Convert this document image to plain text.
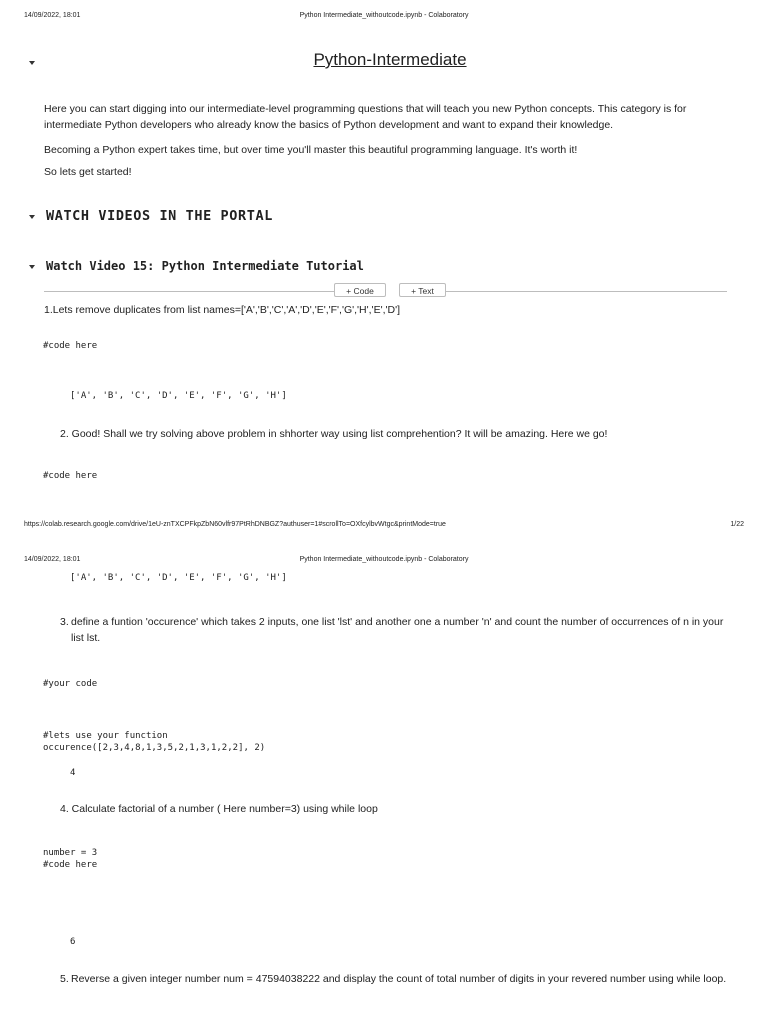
14/09/2022, 18:01	Python Intermediate_withoutcode.ipynb - Colaboratory
Python-Intermediate
Here you can start digging into our intermediate-level programming questions that will teach you new Python concepts. This category is for intermediate Python developers who already know the basics of Python development and want to expand their knowledge.
Becoming a Python expert takes time, but over time you'll master this beautiful programming language. It's worth it!
So lets get started!
WATCH VIDEOS IN THE PORTAL
Watch Video 15: Python Intermediate Tutorial
+ Code	+ Text
1.Lets remove duplicates from list names=['A','B','C','A','D','E','F','G','H','E','D']
#code here
['A', 'B', 'C', 'D', 'E', 'F', 'G', 'H']
2. Good! Shall we try solving above problem in shhorter way using list comprehention? It will be amazing. Here we go!
#code here
https://colab.research.google.com/drive/1eU-znTXCPFkpZbN60vlfr97PtRhDNBGZ?authuser=1#scrollTo=OXfcylbvWtgc&printMode=true	1/22
14/09/2022, 18:01	Python Intermediate_withoutcode.ipynb - Colaboratory
['A', 'B', 'C', 'D', 'E', 'F', 'G', 'H']
3. define a funtion 'occurence' which takes 2 inputs, one list 'lst' and another one a number 'n' and count the number of occurrences of n in your list lst.
#your code
#lets use your function
occurence([2,3,4,8,1,3,5,2,1,3,1,2,2], 2)
4
4. Calculate factorial of a number ( Here number=3) using while loop
number = 3
#code here
6
5. Reverse a given integer number num = 47594038222 and display the count of total number of digits in your revered number using while loop.
